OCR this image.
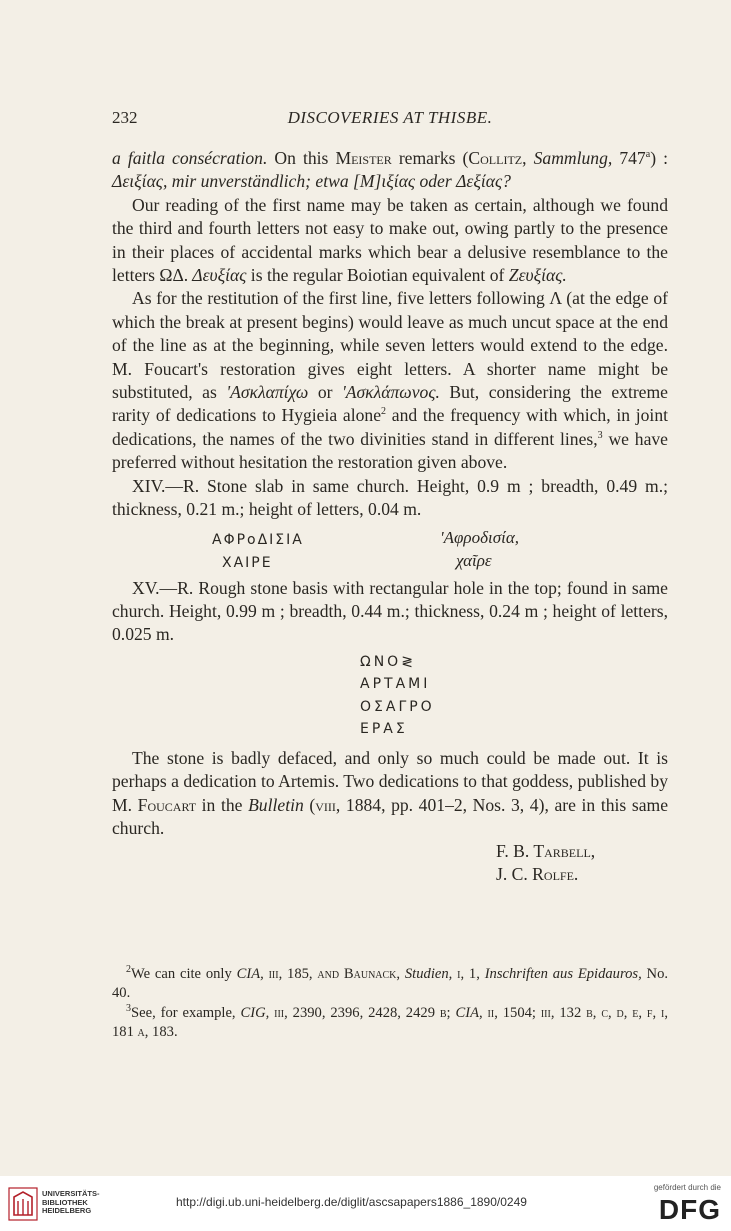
232	DISCOVERIES AT THISBE.

a faitla consécration. On this Meister remarks (Collitz, Sammlung, 747$^a$) : Δειξίας, mir unverständlich; etwa [M]ιξίας oder Δεξίας?

Our reading of the first name may be taken as certain, although we found the third and fourth letters not easy to make out, owing partly to the presence in their places of accidental marks which bear a delusive resemblance to the letters ΩΔ. Δευξίας is the regular Boiotian equivalent of Ζευξίας.

As for the restitution of the first line, five letters following Λ (at the edge of which the break at present begins) would leave as much uncut space at the end of the line as at the beginning, while seven letters would extend to the edge. M. Foucart's restoration gives eight letters. A shorter name might be substituted, as 'Ασκλαπίχω or 'Ασκλάπωνος. But, considering the extreme rarity of dedications to Hygieia alone$^2$ and the frequency with which, in joint dedications, the names of the two divinities stand in different lines,$^3$ we have preferred without hesitation the restoration given above.

XIV.—R. Stone slab in same church. Height, 0.9 m ; breadth, 0.49 m.; thickness, 0.21 m.; height of letters, 0.04 m.

ΑΦΡοΔΙΣΙΑ
ΧΑΙΡΕ
'Αφροδισία,
χαῖρε

XV.—R. Rough stone basis with rectangular hole in the top; found in same church. Height, 0.99 m ; breadth, 0.44 m.; thickness, 0.24 m ; height of letters, 0.025 m.

ΩΝΟ≷
ΑΡΤΑΜΙ
ΟΣΑΓΡΟ
ΕΡΑΣ

The stone is badly defaced, and only so much could be made out. It is perhaps a dedication to Artemis. Two dedications to that goddess, published by M. Foucart in the Bulletin (viii, 1884, pp. 401–2, Nos. 3, 4), are in this same church.

F. B. Tarbell,
J. C. Rolfe.

$^2$We can cite only CIA, iii, 185, and Baunack, Studien, i, 1, Inschriften aus Epidauros, No. 40.

$^3$See, for example, CIG, iii, 2390, 2396, 2428, 2429 b; CIA, ii, 1504; iii, 132 b, c, d, e, f, i, 181 a, 183.

UNIVERSITÄTS-
BIBLIOTHEK
HEIDELBERG
http://digi.ub.uni-heidelberg.de/diglit/ascsapapers1886_1890/0249
gefördert durch die
DFG
